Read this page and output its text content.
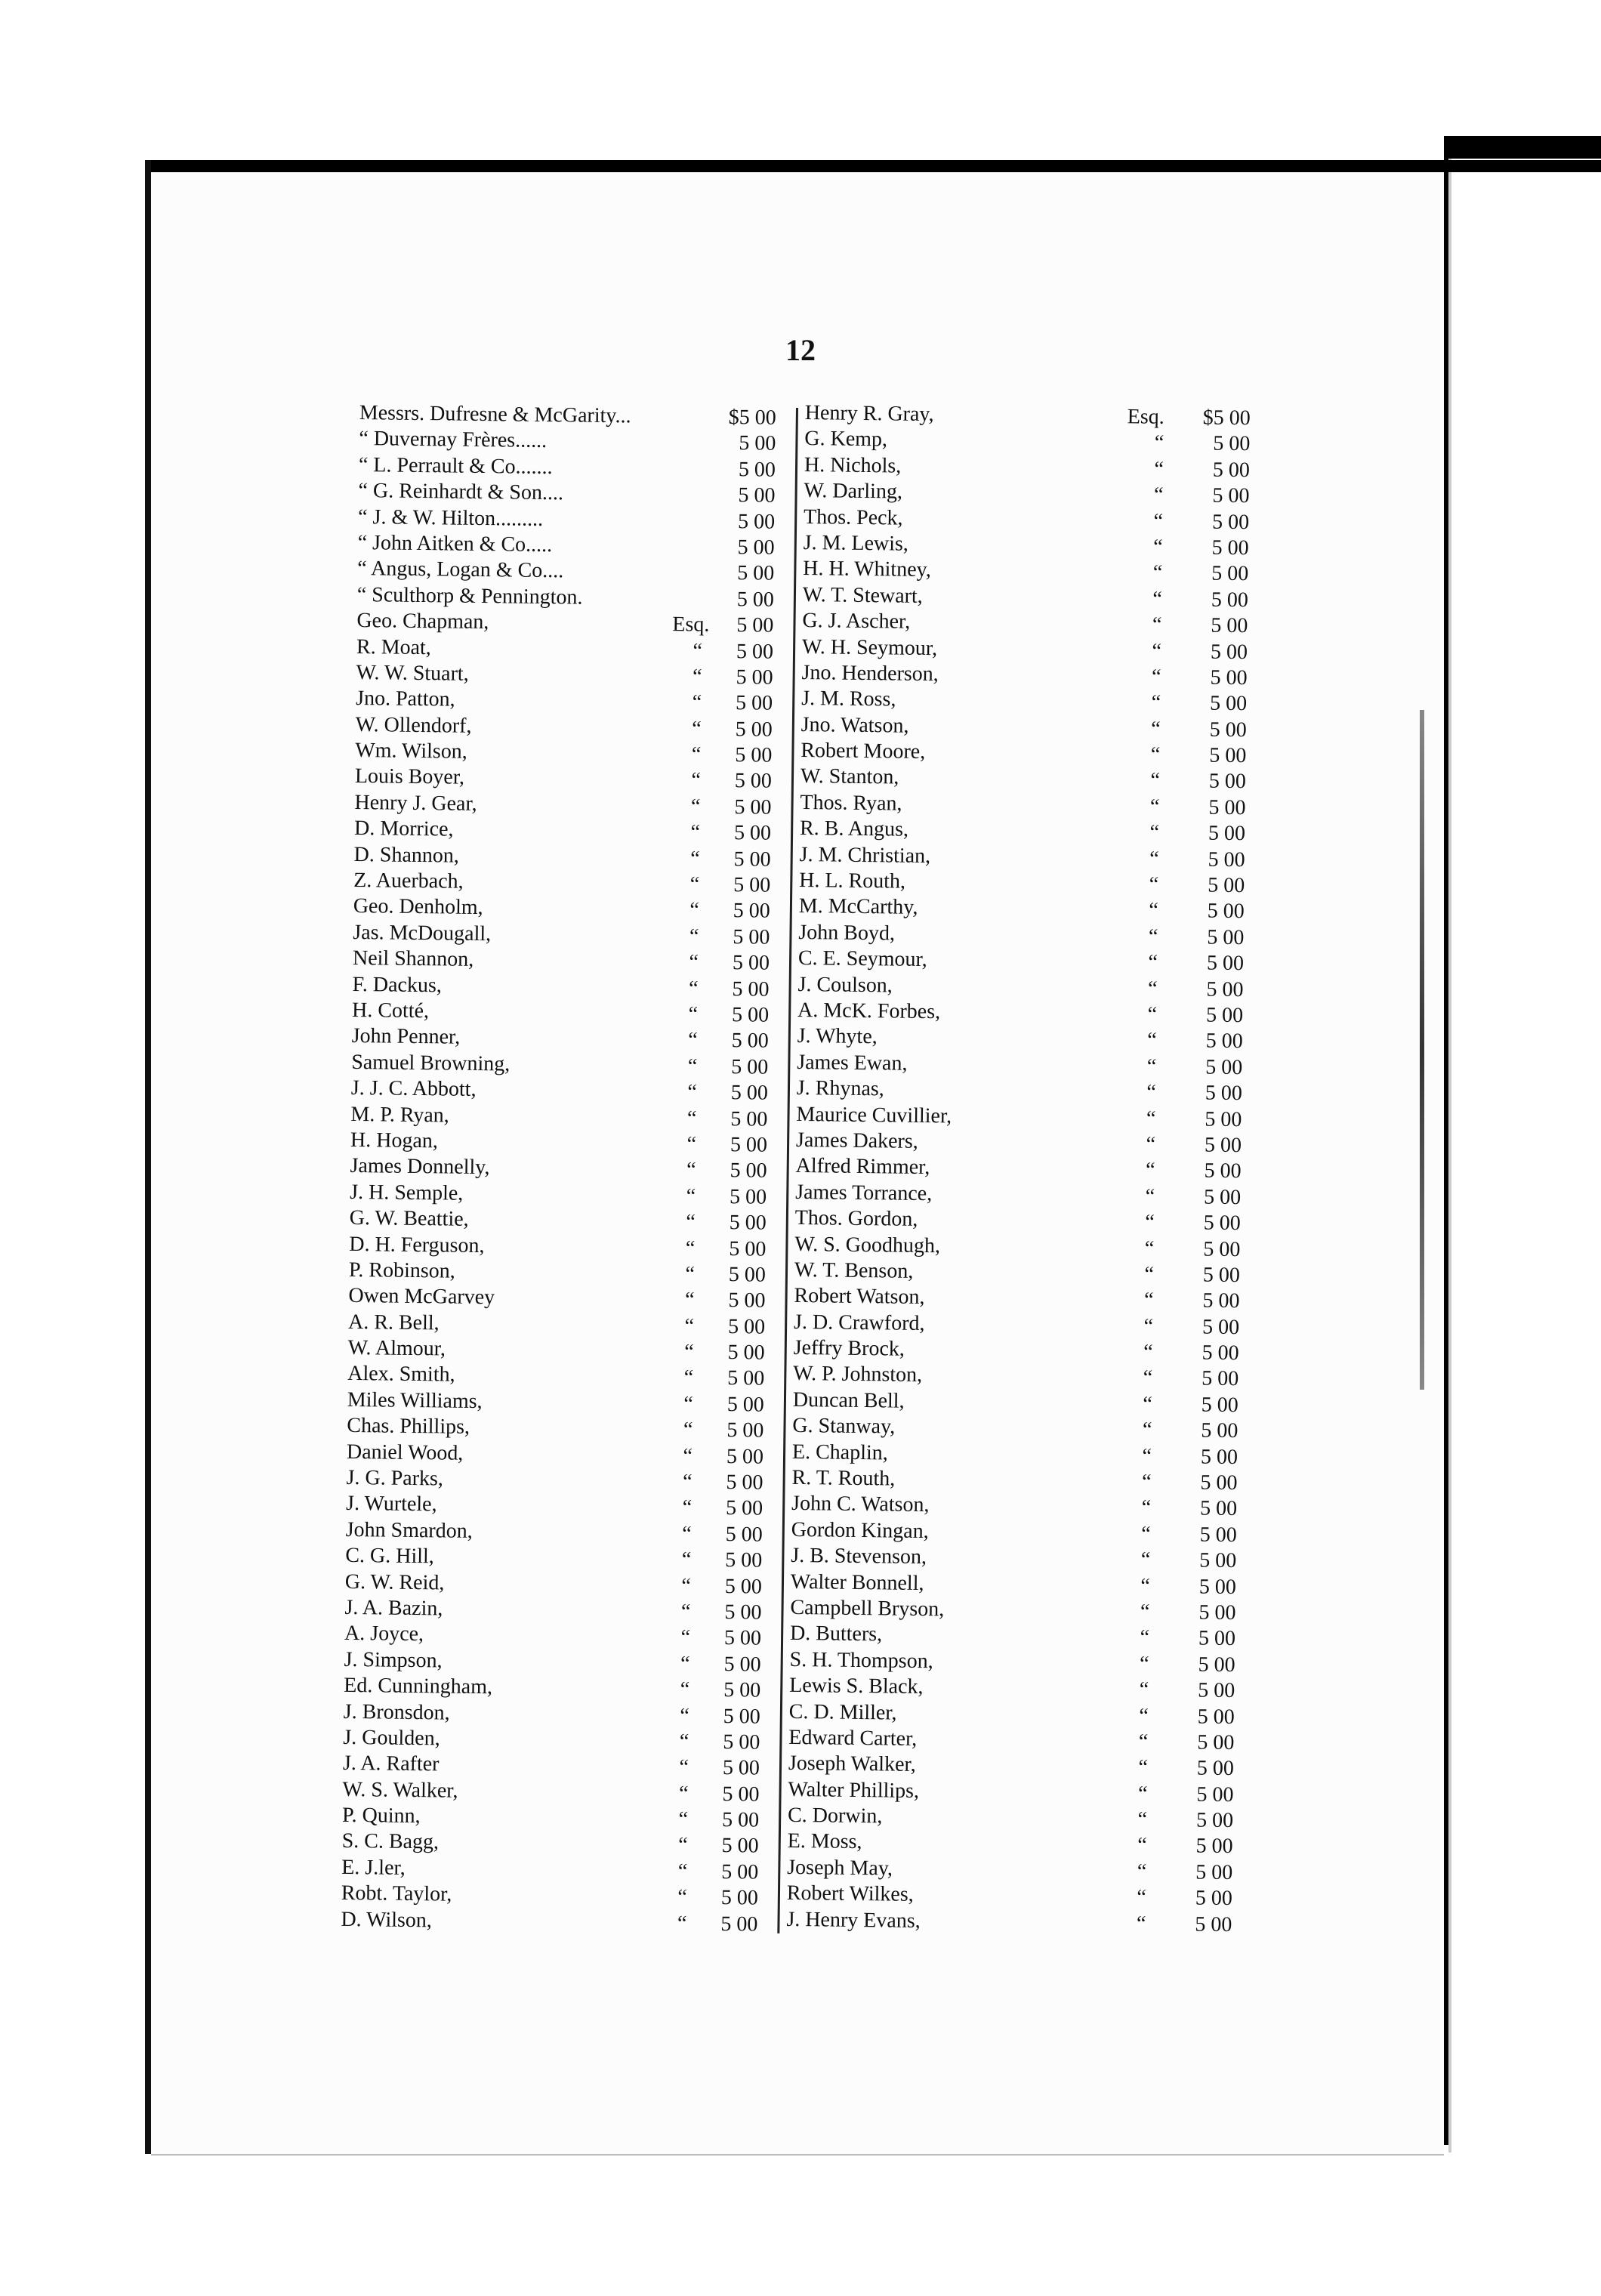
12
Messrs. Dufresne & McGarity...	$5 00
“ Duvernay Frères......	5 00
“ L. Perrault & Co.......	5 00
“ G. Reinhardt & Son....	5 00
“ J. & W. Hilton.........	5 00
“ John Aitken & Co.....	5 00
“ Angus, Logan & Co....	5 00
“ Sculthorp & Pennington.	5 00
Geo. Chapman,	Esq.	5 00
R. Moat,	“	5 00
W. W. Stuart,	“	5 00
Jno. Patton,	“	5 00
W. Ollendorf,	“	5 00
Wm. Wilson,	“	5 00
Louis Boyer,	“	5 00
Henry J. Gear,	“	5 00
D. Morrice,	“	5 00
D. Shannon,	“	5 00
Z. Auerbach,	“	5 00
Geo. Denholm,	“	5 00
Jas. McDougall,	“	5 00
Neil Shannon,	“	5 00
F. Dackus,	“	5 00
H. Cotté,	“	5 00
John Penner,	“	5 00
Samuel Browning,	“	5 00
J. J. C. Abbott,	“	5 00
M. P. Ryan,	“	5 00
H. Hogan,	“	5 00
James Donnelly,	“	5 00
J. H. Semple,	“	5 00
G. W. Beattie,	“	5 00
D. H. Ferguson,	“	5 00
P. Robinson,	“	5 00
Owen McGarvey	“	5 00
A. R. Bell,	“	5 00
W. Almour,	“	5 00
Alex. Smith,	“	5 00
Miles Williams,	“	5 00
Chas. Phillips,	“	5 00
Daniel Wood,	“	5 00
J. G. Parks,	“	5 00
J. Wurtele,	“	5 00
John Smardon,	“	5 00
C. G. Hill,	“	5 00
G. W. Reid,	“	5 00
J. A. Bazin,	“	5 00
A. Joyce,	“	5 00
J. Simpson,	“	5 00
Ed. Cunningham,	“	5 00
J. Bronsdon,	“	5 00
J. Goulden,	“	5 00
J. A. Rafter	“	5 00
W. S. Walker,	“	5 00
P. Quinn,	“	5 00
S. C. Bagg,	“	5 00
E. J.ler,	“	5 00
Robt. Taylor,	“	5 00
D. Wilson,	“	5 00
Henry R. Gray,	Esq.	$5 00
G. Kemp,	“	5 00
H. Nichols,	“	5 00
W. Darling,	“	5 00
Thos. Peck,	“	5 00
J. M. Lewis,	“	5 00
H. H. Whitney,	“	5 00
W. T. Stewart,	“	5 00
G. J. Ascher,	“	5 00
W. H. Seymour,	“	5 00
Jno. Henderson,	“	5 00
J. M. Ross,	“	5 00
Jno. Watson,	“	5 00
Robert Moore,	“	5 00
W. Stanton,	“	5 00
Thos. Ryan,	“	5 00
R. B. Angus,	“	5 00
J. M. Christian,	“	5 00
H. L. Routh,	“	5 00
M. McCarthy,	“	5 00
John Boyd,	“	5 00
C. E. Seymour,	“	5 00
J. Coulson,	“	5 00
A. McK. Forbes,	“	5 00
J. Whyte,	“	5 00
James Ewan,	“	5 00
J. Rhynas,	“	5 00
Maurice Cuvillier,	“	5 00
James Dakers,	“	5 00
Alfred Rimmer,	“	5 00
James Torrance,	“	5 00
Thos. Gordon,	“	5 00
W. S. Goodhugh,	“	5 00
W. T. Benson,	“	5 00
Robert Watson,	“	5 00
J. D. Crawford,	“	5 00
Jeffry Brock,	“	5 00
W. P. Johnston,	“	5 00
Duncan Bell,	“	5 00
G. Stanway,	“	5 00
E. Chaplin,	“	5 00
R. T. Routh,	“	5 00
John C. Watson,	“	5 00
Gordon Kingan,	“	5 00
J. B. Stevenson,	“	5 00
Walter Bonnell,	“	5 00
Campbell Bryson,	“	5 00
D. Butters,	“	5 00
S. H. Thompson,	“	5 00
Lewis S. Black,	“	5 00
C. D. Miller,	“	5 00
Edward Carter,	“	5 00
Joseph Walker,	“	5 00
Walter Phillips,	“	5 00
C. Dorwin,	“	5 00
E. Moss,	“	5 00
Joseph May,	“	5 00
Robert Wilkes,	“	5 00
J. Henry Evans,	“	5 00
